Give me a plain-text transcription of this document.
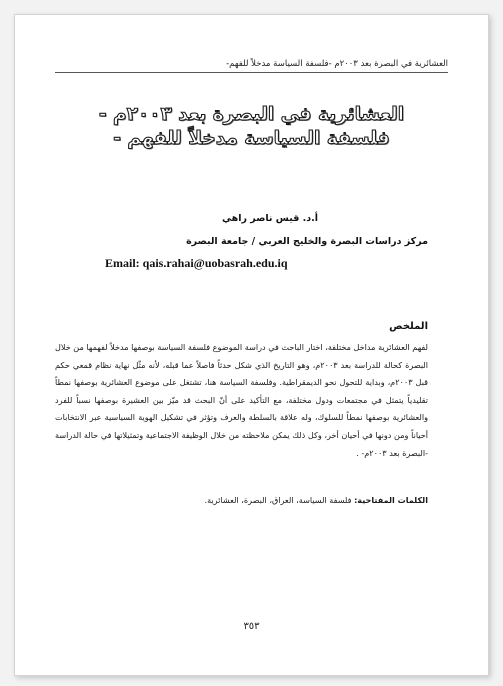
العشائرية في البصرة بعد ٢٠٠٣م -فلسفة السياسة مدخلاً للفهم-
العشائرية في البصرة بعد ٢٠٠٣م -
فلسفة السياسة مدخلاً للفهم -
أ.د. قيس ناصر راهي
مركز دراسات البصرة والخليج العربي / جامعة البصرة
Email: qais.rahai@uobasrah.edu.iq
الملخص
لفهم العشائرية مداخل مختلفة، اختار الباحث في دراسة الموضوع فلسفة السياسة بوصفها مدخلاً لفهمها من خلال البصرة كحالة للدراسة بعد ٢٠٠٣م، وهو التاريخ الذي شكل حدثاً فاصلاً عما قبله، لأنه مثّل نهاية نظام قمعي حكم قبل ٢٠٠٣م، وبداية للتحول نحو الديمقراطية. وفلسفة السياسة هنا، تشتغل على موضوع العشائرية بوصفها نمطاً تقليدياً يتمثل في مجتمعات ودول مختلفة، مع التأكيد على أنّ البحث قد ميّز بين العشيرة بوصفها نسباً للفرد والعشائرية بوصفها نمطاً للسلوك، وله علاقة بالسلطة والعرف وتؤثر في تشكيل الهوية السياسية عبر الانتخابات أحياناً ومن دونها في أحيان أخر، وكل ذلك يمكن ملاحظته من خلال الوظيفة الاجتماعية وتمثيلاتها في حالة الدراسة -البصرة بعد ٢٠٠٣م- .
الكلمات المفتاحية: فلسفة السياسة، العراق، البصرة، العشائرية.
٣٥٣
